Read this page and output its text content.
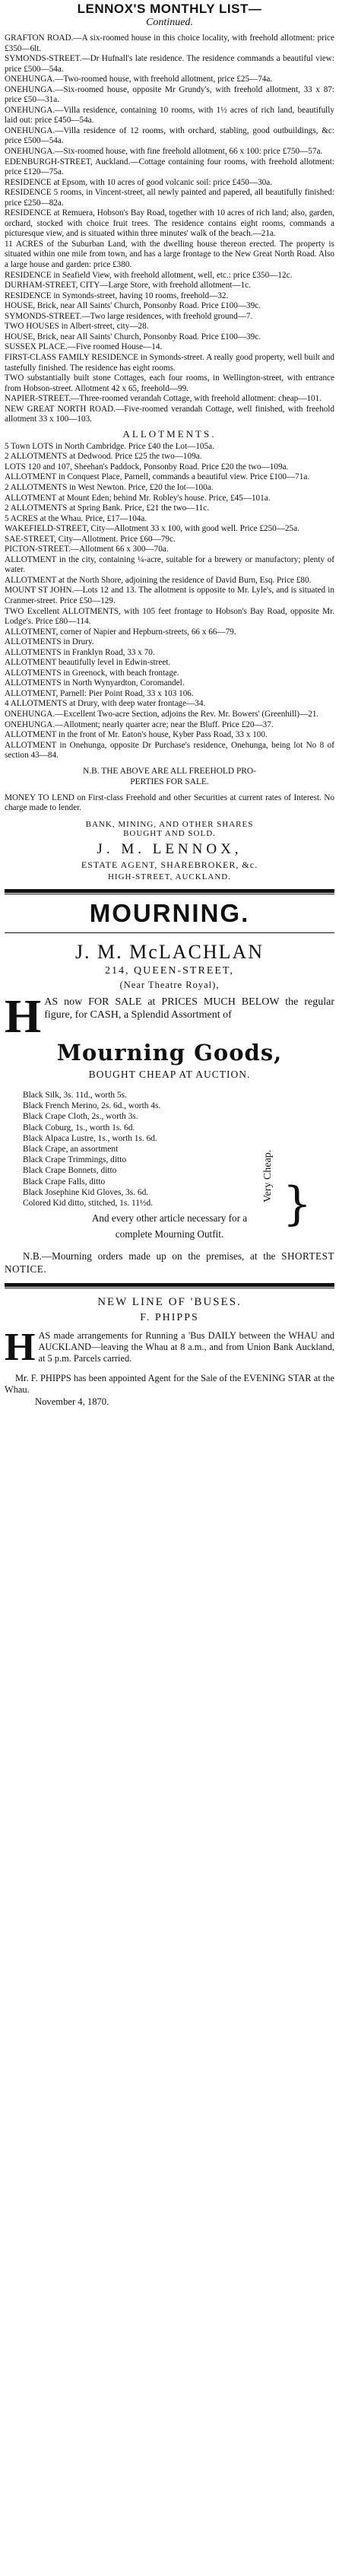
LENNOX'S MONTHLY LIST—
Continued.

GRAFTON ROAD.—A six-roomed house in this choice locality, with freehold allotment: price £350—6lt.

SYMONDS-STREET.—Dr Hufnall's late residence. The residence commands a beautiful view: price £500—54a.

ONEHUNGA.—Two-roomed house, with freehold allotment, price £25—74a.

ONEHUNGA.—Six-roomed house, opposite Mr Grundy's, with freehold allotment, 33 x 87: price £50—31a.

ONEHUNGA.—Villa residence, containing 10 rooms, with 1½ acres of rich land, beautifully laid out: price £450—54a.

ONEHUNGA.—Villa residence of 12 rooms, with orchard, stabling, good outbuildings, &c: price £500—54a.

ONEHUNGA.—Six-roomed house, with fine freehold allotment, 66 x 100: price £750—57a.

EDENBURGH-STREET, Auckland.—Cottage containing four rooms, with freehold allotment: price £120—75a.

RESIDENCE at Epsom, with 10 acres of good volcanic soil: price £450—30a.

RESIDENCE 5 rooms, in Vincent-street, all newly painted and papered, all beautifully finished: price £250—82a.

RESIDENCE at Remuera, Hobson's Bay Road, together with 10 acres of rich land; also, garden, orchard, stocked with choice fruit trees. The residence contains eight rooms, commands a picturesque view, and is situated within three minutes' walk of the beach.—21a.

11 ACRES of the Suburban Land, with the dwelling house thereon erected. The property is situated within one mile from town, and has a large frontage to the New Great North Road. Also a large house and garden: price £380.

RESIDENCE in Seafield View, with freehold allotment, well, etc.: price £350—12c.

DURHAM-STREET, CITY—Large Store, with freehold allotment—1c.

RESIDENCE in Symonds-street, having 10 rooms, freehold—32.

HOUSE, Brick, near All Saints' Church, Ponsonby Road. Price £100—39c.

SYMONDS-STREET.—Two large residences, with freehold ground—7.

TWO HOUSES in Albert-street, city—28.

HOUSE, Brick, near All Saints' Church, Ponsonby Road. Price £100—39c.

SUSSEX PLACE.—Five roomed House—14.

FIRST-CLASS FAMILY RESIDENCE in Symonds-street. A really good property, well built and tastefully finished. The residence has eight rooms.

TWO substantially built stone Cottages, each four rooms, in Wellington-street, with entrance from Hobson-street. Allotment 42 x 65, freehold—99.

NAPIER-STREET.—Three-roomed verandah Cottage, with freehold allotment: cheap—101.

NEW GREAT NORTH ROAD.—Five-roomed verandah Cottage, well finished, with freehold allotment 33 x 100—103.

ALLOTMENTS.

5 Town LOTS in North Cambridge. Price £40 the Lot—105a.

2 ALLOTMENTS at Dedwood. Price £25 the two—109a.

LOTS 120 and 107, Sheehan's Paddock, Ponsonby Road. Price £20 the two—109a.

ALLOTMENT in Conquest Place, Parnell, commands a beautiful view. Price £100—71a.

2 ALLOTMENTS in West Newton. Price, £20 the lot—100a.

ALLOTMENT at Mount Eden; behind Mr. Robley's house. Price, £45—101a.

2 ALLOTMENTS at Spring Bank. Price, £21 the two—11c.

5 ACRES at the Whau. Price, £17—104a.

WAKEFIELD-STREET, City—Allotment 33 x 100, with good well. Price £250—25a.

SAE-STREET, City—Allotment. Price £60—79c.

PICTON-STREET.—Allotment 66 x 300—70a.

ALLOTMENT in the city, containing ¼-acre, suitable for a brewery or manufactory; plenty of water.

ALLOTMENT at the North Shore, adjoining the residence of David Burn, Esq. Price £80.

MOUNT ST JOHN.—Lots 12 and 13. The allotment is opposite to Mr. Lyle's, and is situated in Cranmer-street. Price £50—129.

TWO Excellent ALLOTMENTS, with 105 feet frontage to Hobson's Bay Road, opposite Mr. Lodge's. Price £80—114.

ALLOTMENT, corner of Napier and Hepburn-streets, 66 x 66—79.

ALLOTMENTS in Drury.

ALLOTMENTS in Franklyn Road, 33 x 70.

ALLOTMENT beautifully level in Edwin-street.

ALLOTMENTS in Greenock, with beach frontage.

ALLOTMENTS in North Wynyardton, Coromandel.

ALLOTMENT, Parnell: Pier Point Road, 33 x 103 106.

4 ALLOTMENTS at Drury, with deep water frontage—34.

ONEHUNGA.—Excellent Two-acre Section, adjoins the Rev. Mr. Bowers' (Greenhill)—21.

ONEHUNGA.—Allotment; nearly quarter acre; near the Bluff. Price £20—37.

ALLOTMENT in the front of Mr. Eaton's house, Kyber Pass Road, 33 x 100.

ALLOTMENT in Onehunga, opposite Dr Purchase's residence, Onehunga, being lot No 8 of section 43—84.

N.B. THE ABOVE ARE ALL FREEHOLD PRO-
PERTIES FOR SALE.

MONEY TO LEND on First-class Freehold and other Securities at current rates of Interest. No charge made to lender.

BANK, MINING, AND OTHER SHARES
BOUGHT AND SOLD.
J. M. LENNOX,
ESTATE AGENT, SHAREBROKER, &c.
HIGH-STREET, AUCKLAND.
MOURNING.
J. M. McLACHLAN
214, QUEEN-STREET,
(Near Theatre Royal),
H AS now FOR SALE at PRICES MUCH BELOW the regular figure, for CASH, a Splendid Assortment of
Mourning Goods,
BOUGHT CHEAP AT AUCTION.

Black Silk, 3s. 11d., worth 5s.

Black French Merino, 2s. 6d., worth 4s.

Black Crape Cloth, 2s., worth 3s.

Black Coburg, 1s., worth 1s. 6d.

Black Alpaca Lustre, 1s., worth 1s. 6d.

Black Crape, an assortment

Black Crape Trimmings, ditto

Black Crape Bonnets, ditto

Black Crape Falls, ditto

Black Josephine Kid Gloves, 3s. 6d.

Colored Kid ditto, stitched, 1s. 11½d.	}
Very Cheap.
And every other article necessary for a
complete Mourning Outfit.
N.B.—Mourning orders made up on the premises, at the SHORTEST NOTICE.
NEW LINE OF 'BUSES.
F. PHIPPS
H AS made arrangements for Running a 'Bus DAILY between the WHAU and AUCKLAND—leaving the Whau at 8 a.m., and from Union Bank Auckland, at 5 p.m. Parcels carried.
Mr. F. PHIPPS has been appointed Agent for the Sale of the EVENING STAR at the Whau.
November 4, 1870.
